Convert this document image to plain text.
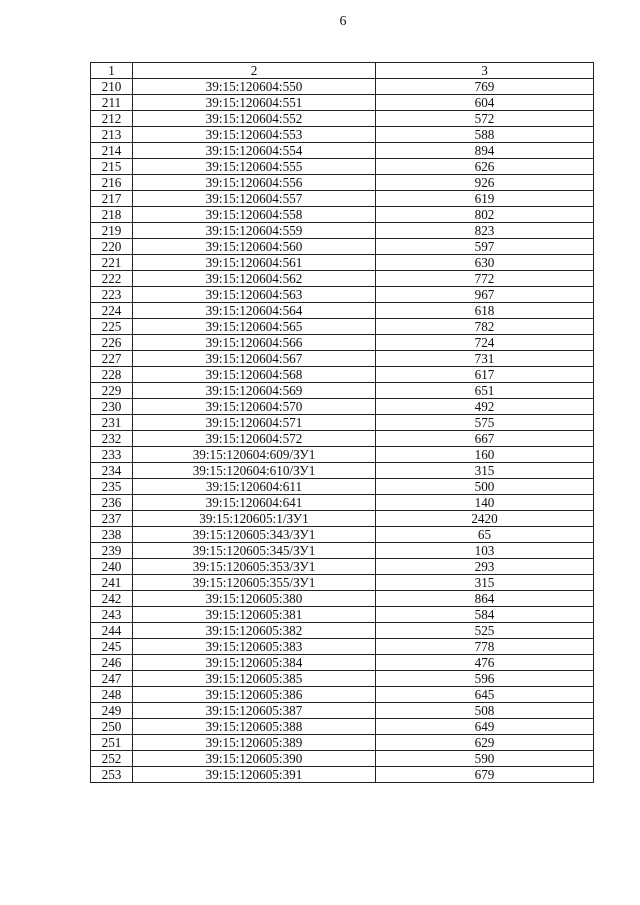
6
1	2	3
210	39:15:120604:550	769
211	39:15:120604:551	604
212	39:15:120604:552	572
213	39:15:120604:553	588
214	39:15:120604:554	894
215	39:15:120604:555	626
216	39:15:120604:556	926
217	39:15:120604:557	619
218	39:15:120604:558	802
219	39:15:120604:559	823
220	39:15:120604:560	597
221	39:15:120604:561	630
222	39:15:120604:562	772
223	39:15:120604:563	967
224	39:15:120604:564	618
225	39:15:120604:565	782
226	39:15:120604:566	724
227	39:15:120604:567	731
228	39:15:120604:568	617
229	39:15:120604:569	651
230	39:15:120604:570	492
231	39:15:120604:571	575
232	39:15:120604:572	667
233	39:15:120604:609/ЗУ1	160
234	39:15:120604:610/ЗУ1	315
235	39:15:120604:611	500
236	39:15:120604:641	140
237	39:15:120605:1/ЗУ1	2420
238	39:15:120605:343/ЗУ1	65
239	39:15:120605:345/ЗУ1	103
240	39:15:120605:353/ЗУ1	293
241	39:15:120605:355/ЗУ1	315
242	39:15:120605:380	864
243	39:15:120605:381	584
244	39:15:120605:382	525
245	39:15:120605:383	778
246	39:15:120605:384	476
247	39:15:120605:385	596
248	39:15:120605:386	645
249	39:15:120605:387	508
250	39:15:120605:388	649
251	39:15:120605:389	629
252	39:15:120605:390	590
253	39:15:120605:391	679
